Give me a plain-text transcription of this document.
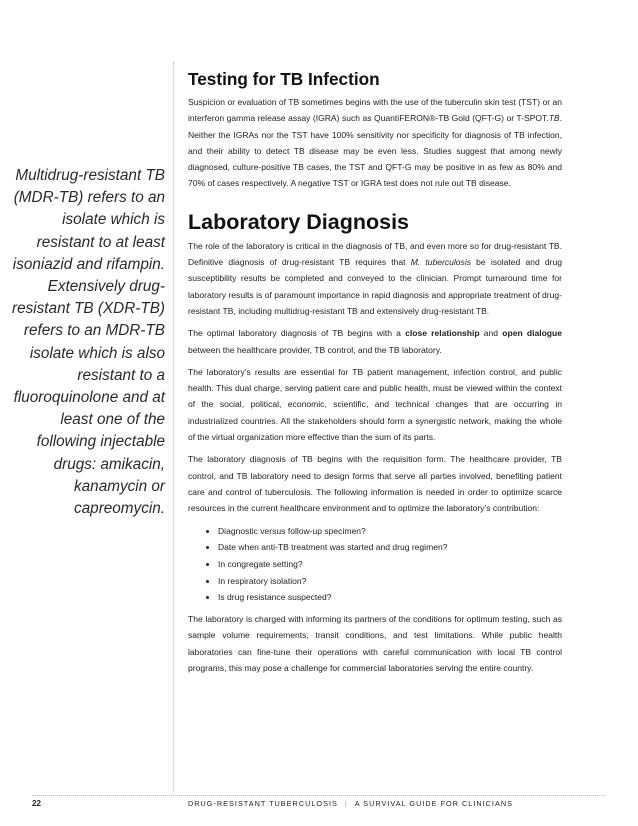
Multidrug-resistant TB (MDR-TB) refers to an isolate which is resistant to at least isoniazid and rifampin. Extensively drug-resistant TB (XDR-TB) refers to an MDR-TB isolate which is also resistant to a fluoroquinolone and at least one of the following injectable drugs: amikacin, kanamycin or capreomycin.
Testing for TB Infection

Suspicion or evaluation of TB sometimes begins with the use of the tuberculin skin test (TST) or an interferon gamma release assay (IGRA) such as QuantiFERON®-TB Gold (QFT-G) or T-SPOT.TB. Neither the IGRAs nor the TST have 100% sensitivity nor specificity for diagnosis of TB infection, and their ability to detect TB disease may be even less. Studies suggest that among newly diagnosed, culture-positive TB cases, the TST and QFT-G may be positive in as few as 80% and 70% of cases respectively. A negative TST or IGRA test does not rule out TB disease.

Laboratory Diagnosis

The role of the laboratory is critical in the diagnosis of TB, and even more so for drug-resistant TB. Definitive diagnosis of drug-resistant TB requires that M. tuberculosis be isolated and drug susceptibility results be completed and conveyed to the clinician. Prompt turnaround time for laboratory results is of paramount importance in rapid diagnosis and appropriate treatment of drug-resistant TB, including multidrug-resistant TB and extensively drug-resistant TB.

The optimal laboratory diagnosis of TB begins with a close relationship and open dialogue between the healthcare provider, TB control, and the TB laboratory.

The laboratory’s results are essential for TB patient management, infection control, and public health. This dual charge, serving patient care and public health, must be viewed within the context of the social, political, economic, scientific, and technical changes that are occurring in industrialized countries. All the stakeholders should form a synergistic network, making the whole of the virtual organization more effective than the sum of its parts.

The laboratory diagnosis of TB begins with the requisition form. The healthcare provider, TB control, and TB laboratory need to design forms that serve all parties involved, benefiting patient care and control of tuberculosis. The following information is needed in order to optimize scarce resources in the current healthcare environment and to optimize the laboratory’s contribution:

• Diagnostic versus follow-up specimen?
• Date when anti-TB treatment was started and drug regimen?
• In congregate setting?
• In respiratory isolation?
• Is drug resistance suspected?

The laboratory is charged with informing its partners of the conditions for optimum testing, such as sample volume requirements, transit conditions, and test limitations. While public health laboratories can fine-tune their operations with careful communication with local TB control programs, this may pose a challenge for commercial laboratories serving the entire country.

22	DRUG-RESISTANT TUBERCULOSIS | A SURVIVAL GUIDE FOR CLINICIANS
